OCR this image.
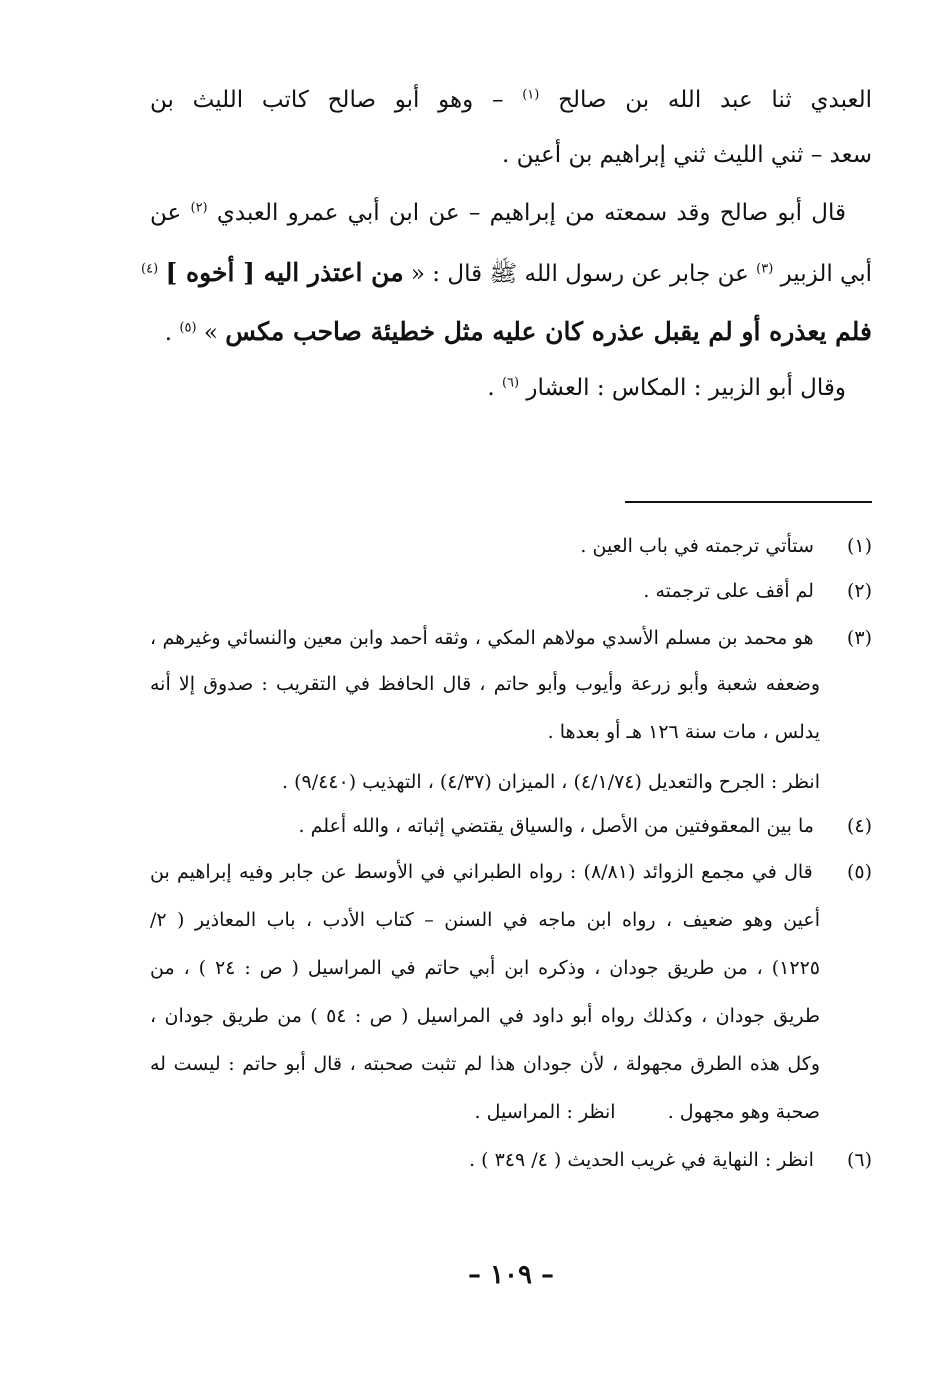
العبدي ثنا عبد الله بن صالح $^{(١)}$ – وهو أبو صالح كاتب الليث بن
سعد – ثني الليث ثني إبراهيم بن أعين .
قال أبو صالح وقد سمعته من إبراهيم – عن ابن أبي عمرو العبدي $^{(٢)}$ عن
أبي الزبير $^{(٣)}$ عن جابر عن رسول الله ﷺ قال : « من اعتذر اليه [ أخوه ] $^{(٤)}$
فلم يعذره أو لم يقبل عذره كان عليه مثل خطيئة صاحب مكس » $^{(٥)}$ .
وقال أبو الزبير : المكاس : العشار $^{(٦)}$ .
(١) ستأتي ترجمته في باب العين .
(٢) لم أقف على ترجمته .
(٣) هو محمد بن مسلم الأسدي مولاهم المكي ، وثقه أحمد وابن معين والنسائي وغيرهم ،
وضعفه شعبة وأبو زرعة وأيوب وأبو حاتم ، قال الحافظ في التقريب : صدوق إلا أنه
يدلس ، مات سنة ١٢٦ هـ أو بعدها .
انظر : الجرح والتعديل (٤/١/٧٤) ، الميزان (٤/٣٧) ، التهذيب (٩/٤٤٠) .
(٤) ما بين المعقوفتين من الأصل ، والسياق يقتضي إثباته ، والله أعلم .
(٥) قال في مجمع الزوائد (٨/٨١) : رواه الطبراني في الأوسط عن جابر وفيه إبراهيم بن
أعين وهو ضعيف ، رواه ابن ماجه في السنن – كتاب الأدب ، باب المعاذير ( ٢/
١٢٢٥) ، من طريق جودان ، وذكره ابن أبي حاتم في المراسيل ( ص : ٢٤ ) ، من
طريق جودان ، وكذلك رواه أبو داود في المراسيل ( ص : ٥٤ ) من طريق جودان ،
وكل هذه الطرق مجهولة ، لأن جودان هذا لم تثبت صحبته ، قال أبو حاتم : ليست له
صحبة وهو مجهول .  انظر : المراسيل .
(٦) انظر : النهاية في غريب الحديث ( ٤/ ٣٤٩ ) .
– ١٠٩ –
